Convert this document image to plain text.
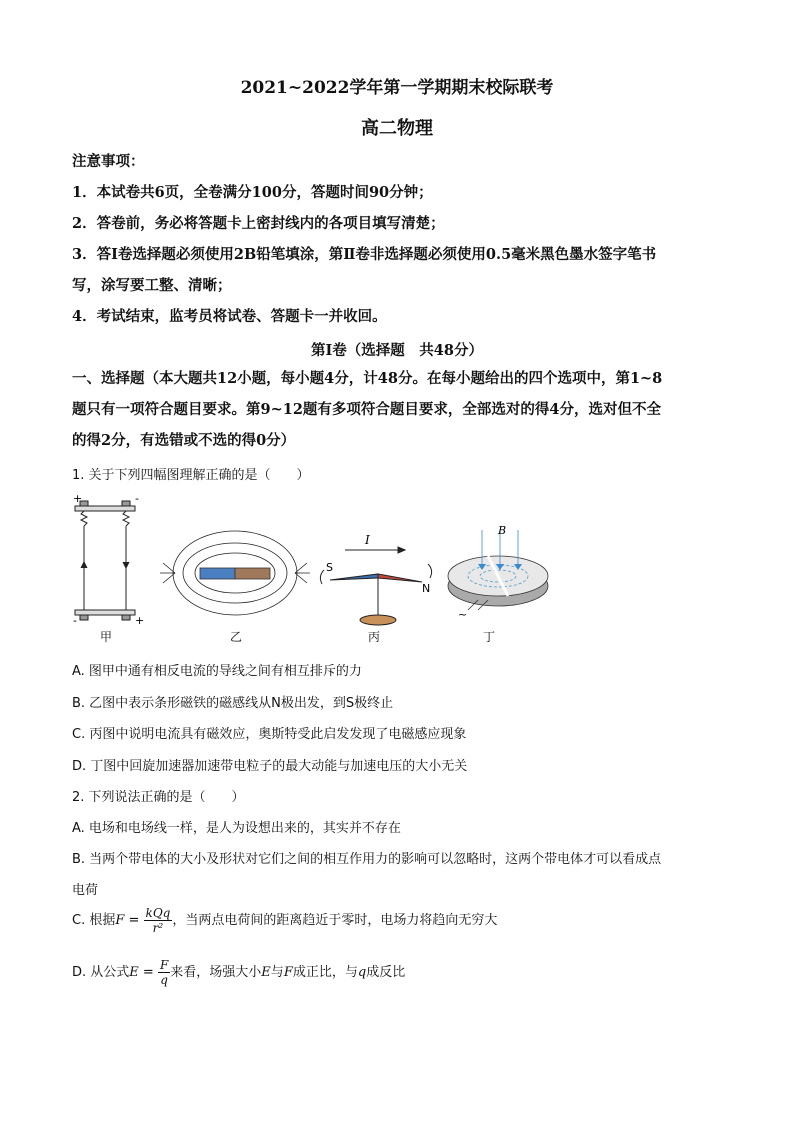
2021~2022学年第一学期期末校际联考
高二物理
注意事项：
1．本试卷共6页，全卷满分100分，答题时间90分钟；
2．答卷前，务必将答题卡上密封线内的各项目填写清楚；
3．答Ⅰ卷选择题必须使用2B铅笔填涂，第Ⅱ卷非选择题必须使用0.5毫米黑色墨水签字笔书
写，涂写要工整、清晰；
4．考试结束，监考员将试卷、答题卡一并收回。
第Ⅰ卷（选择题　共48分）
一、选择题（本大题共12小题，每小题4分，计48分。在每小题给出的四个选项中，第1~8
题只有一项符合题目要求。第9~12题有多项符合题目要求，全部选对的得4分，选对但不全
的得2分，有选错或不选的得0分）
1. 关于下列四幅图理解正确的是（　　）
+	-
-	+
I
S
N
B
~
甲	乙	丙	丁
A. 图甲中通有相反电流的导线之间有相互排斥的力
B. 乙图中表示条形磁铁的磁感线从N极出发，到S极终止
C. 丙图中说明电流具有磁效应，奥斯特受此启发发现了电磁感应现象
D. 丁图中回旋加速器加速带电粒子的最大动能与加速电压的大小无关
2. 下列说法正确的是（　　）
A. 电场和电场线一样，是人为设想出来的，其实并不存在
B. 当两个带电体的大小及形状对它们之间的相互作用力的影响可以忽略时，这两个带电体才可以看成点
电荷
C. 根据$F = \frac{\text{kQq}}{\text{r²}}$ ，当两点电荷间的距离趋近于零时，电场力将趋向无穷大
D. 从公式$E = \frac{F}{q}$ 来看，场强大小E与F成正比，与q成反比
